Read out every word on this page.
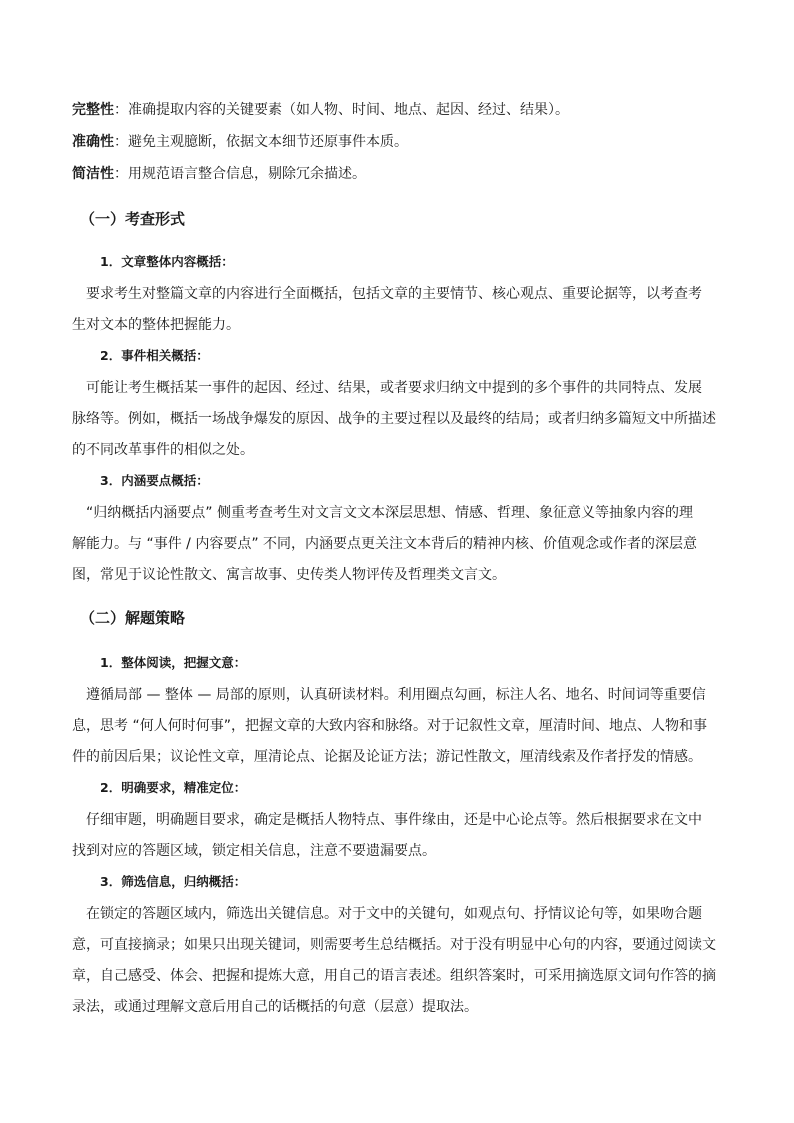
完整性：准确提取内容的关键要素（如人物、时间、地点、起因、经过、结果）。
准确性：避免主观臆断，依据文本细节还原事件本质。
简洁性：用规范语言整合信息，剔除冗余描述。
（一）考查形式
1．文章整体内容概括：
要求考生对整篇文章的内容进行全面概括，包括文章的主要情节、核心观点、重要论据等，以考查考
生对文本的整体把握能力。
2．事件相关概括：
可能让考生概括某一事件的起因、经过、结果，或者要求归纳文中提到的多个事件的共同特点、发展
脉络等。例如，概括一场战争爆发的原因、战争的主要过程以及最终的结局；或者归纳多篇短文中所描述
的不同改革事件的相似之处。
3．内涵要点概括：
“归纳概括内涵要点” 侧重考查考生对文言文文本深层思想、情感、哲理、象征意义等抽象内容的理
解能力。与 “事件 / 内容要点” 不同，内涵要点更关注文本背后的精神内核、价值观念或作者的深层意
图，常见于议论性散文、寓言故事、史传类人物评传及哲理类文言文。
（二）解题策略
1．整体阅读，把握文意：
遵循局部 — 整体 — 局部的原则，认真研读材料。利用圈点勾画，标注人名、地名、时间词等重要信
息，思考 “何人何时何事”，把握文章的大致内容和脉络。对于记叙性文章，厘清时间、地点、人物和事
件的前因后果；议论性文章，厘清论点、论据及论证方法；游记性散文，厘清线索及作者抒发的情感。
2．明确要求，精准定位：
仔细审题，明确题目要求，确定是概括人物特点、事件缘由，还是中心论点等。然后根据要求在文中
找到对应的答题区域，锁定相关信息，注意不要遗漏要点。
3．筛选信息，归纳概括：
在锁定的答题区域内，筛选出关键信息。对于文中的关键句，如观点句、抒情议论句等，如果吻合题
意，可直接摘录；如果只出现关键词，则需要考生总结概括。对于没有明显中心句的内容，要通过阅读文
章，自己感受、体会、把握和提炼大意，用自己的语言表述。组织答案时，可采用摘选原文词句作答的摘
录法，或通过理解文意后用自己的话概括的句意（层意）提取法。
